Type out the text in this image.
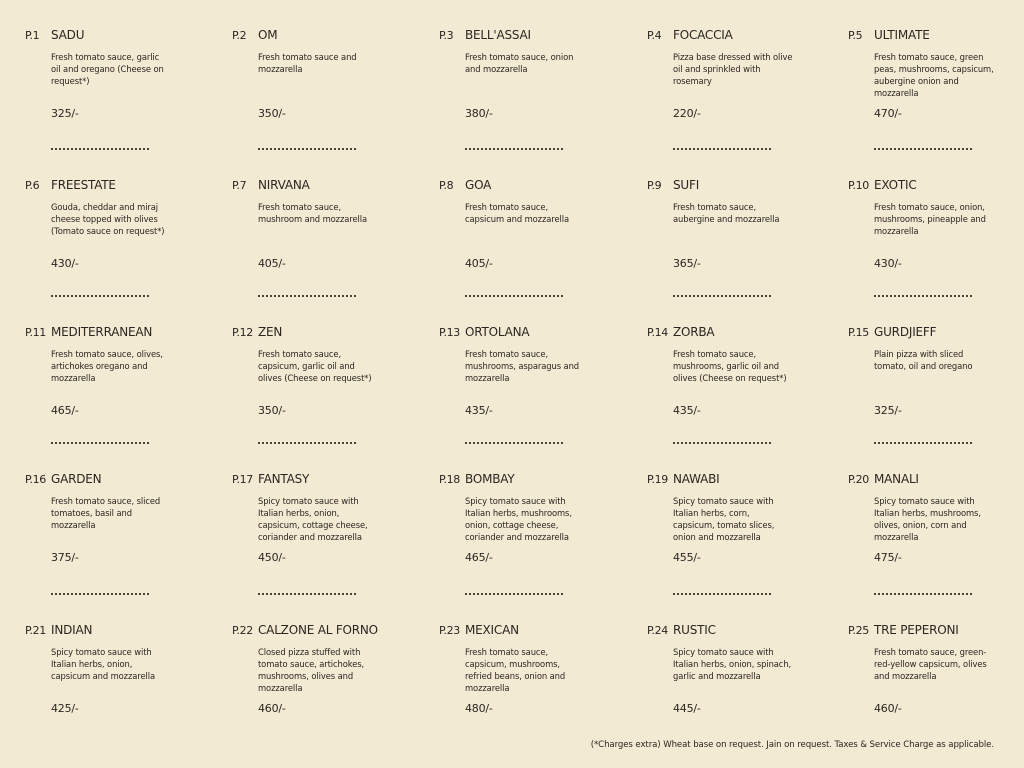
P.1 SADU
Fresh tomato sauce, garlic oil and oregano (Cheese on request*)
325/-
P.2 OM
Fresh tomato sauce and mozzarella
350/-
P.3 BELL'ASSAI
Fresh tomato sauce, onion and mozzarella
380/-
P.4 FOCACCIA
Pizza base dressed with olive oil and sprinkled with rosemary
220/-
P.5 ULTIMATE
Fresh tomato sauce, green peas, mushrooms, capsicum, aubergine onion and mozzarella
470/-
P.6 FREESTATE
Gouda, cheddar and miraj cheese topped with olives (Tomato sauce on request*)
430/-
P.7 NIRVANA
Fresh tomato sauce, mushroom and mozzarella
405/-
P.8 GOA
Fresh tomato sauce, capsicum and mozzarella
405/-
P.9 SUFI
Fresh tomato sauce, aubergine and mozzarella
365/-
P.10 EXOTIC
Fresh tomato sauce, onion, mushrooms, pineapple and mozzarella
430/-
P.11 MEDITERRANEAN
Fresh tomato sauce, olives, artichokes oregano and mozzarella
465/-
P.12 ZEN
Fresh tomato sauce, capsicum, garlic oil and olives (Cheese on request*)
350/-
P.13 ORTOLANA
Fresh tomato sauce, mushrooms, asparagus and mozzarella
435/-
P.14 ZORBA
Fresh tomato sauce, mushrooms, garlic oil and olives (Cheese on request*)
435/-
P.15 GURDJIEFF
Plain pizza with sliced tomato, oil and oregano
325/-
P.16 GARDEN
Fresh tomato sauce, sliced tomatoes, basil and mozzarella
375/-
P.17 FANTASY
Spicy tomato sauce with Italian herbs, onion, capsicum, cottage cheese, coriander and mozzarella
450/-
P.18 BOMBAY
Spicy tomato sauce with Italian herbs, mushrooms, onion, cottage cheese, coriander and mozzarella
465/-
P.19 NAWABI
Spicy tomato sauce with Italian herbs, corn, capsicum, tomato slices, onion and mozzarella
455/-
P.20 MANALI
Spicy tomato sauce with Italian herbs, mushrooms, olives, onion, corn and mozzarella
475/-
P.21 INDIAN
Spicy tomato sauce with Italian herbs, onion, capsicum and mozzarella
425/-
P.22 CALZONE AL FORNO
Closed pizza stuffed with tomato sauce, artichokes, mushrooms, olives and mozzarella
460/-
P.23 MEXICAN
Fresh tomato sauce, capsicum, mushrooms, refried beans, onion and mozzarella
480/-
P.24 RUSTIC
Spicy tomato sauce with Italian herbs, onion, spinach, garlic and mozzarella
445/-
P.25 TRE PEPERONI
Fresh tomato sauce, green-red-yellow capsicum, olives and mozzarella
460/-
(*Charges extra) Wheat base on request. Jain on request. Taxes & Service Charge as applicable.
